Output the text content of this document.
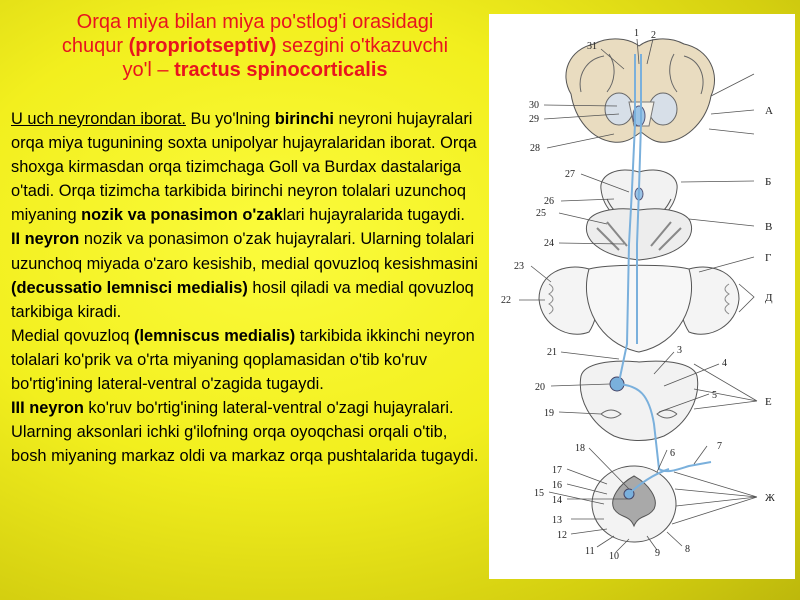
Orqa miya bilan miya po'stlog'i orasidagi
chuqur (propriotseptiv) sezgini o'tkazuvchi
yo'l – tractus spinocorticalis

U uch neyrondan iborat. Bu yo'lning birinchi neyroni hujayralari orqa miya tugunining soxta unipolyar hujayralaridan iborat. Orqa shoxga kirmasdan orqa tizimchaga Goll va Burdax dastalariga o'tadi. Orqa tizimcha tarkibida birinchi neyron tolalari uzunchoq miyaning nozik va ponasimon o'zaklari hujayralarida tugaydi.

II neyron nozik va ponasimon o'zak hujayralari. Ularning tolalari uzunchoq miyada o'zaro kesishib, medial qovuzloq kesishmasini (decussatio lemnisci medialis) hosil qiladi va medial qovuzloq tarkibiga kiradi.

Medial qovuzloq (lemniscus medialis) tarkibida ikkinchi neyron tolalari ko'prik va o'rta miyaning qoplamasidan o'tib ko'ruv bo'rtig'ining lateral-ventral o'zagida tugaydi.

III neyron ko'ruv bo'rtig'ining lateral-ventral o'zagi hujayralari. Ularning aksonlari ichki g'ilofning orqa oyoqchasi orqali o'tib, bosh miyaning markaz oldi va markaz orqa pushtalarida tugaydi.

1 2
31
30
29
28
27
26
25
24
23
22
21	3
4
5
20
19
18	6
7
17
16
15
14
13
12
11 10	9	8
А
Б
В
Г
Д
Е
Ж
